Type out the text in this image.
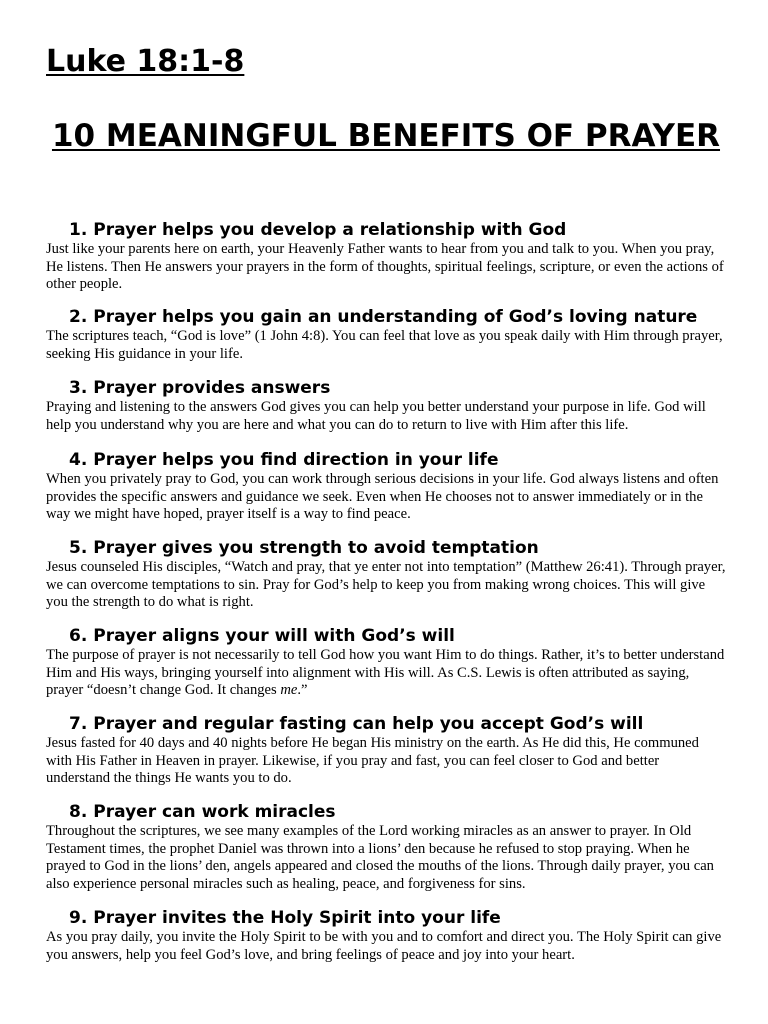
Luke 18:1-8
10 MEANINGFUL BENEFITS OF PRAYER
1. Prayer helps you develop a relationship with God

Just like your parents here on earth, your Heavenly Father wants to hear from you and talk to you. When you pray, He listens. Then He answers your prayers in the form of thoughts, spiritual feelings, scripture, or even the actions of other people.

2. Prayer helps you gain an understanding of God’s loving nature

The scriptures teach, “God is love” (1 John 4:8). You can feel that love as you speak daily with Him through prayer, seeking His guidance in your life.

3. Prayer provides answers

Praying and listening to the answers God gives you can help you better understand your purpose in life. God will help you understand why you are here and what you can do to return to live with Him after this life.

4. Prayer helps you find direction in your life

When you privately pray to God, you can work through serious decisions in your life. God always listens and often provides the specific answers and guidance we seek. Even when He chooses not to answer immediately or in the way we might have hoped, prayer itself is a way to find peace.

5. Prayer gives you strength to avoid temptation

Jesus counseled His disciples, “Watch and pray, that ye enter not into temptation” (Matthew 26:41). Through prayer, we can overcome temptations to sin. Pray for God’s help to keep you from making wrong choices. This will give you the strength to do what is right.

6. Prayer aligns your will with God’s will

The purpose of prayer is not necessarily to tell God how you want Him to do things. Rather, it’s to better understand Him and His ways, bringing yourself into alignment with His will. As C.S. Lewis is often attributed as saying, prayer “doesn’t change God. It changes me.”

7. Prayer and regular fasting can help you accept God’s will

Jesus fasted for 40 days and 40 nights before He began His ministry on the earth. As He did this, He communed with His Father in Heaven in prayer. Likewise, if you pray and fast, you can feel closer to God and better understand the things He wants you to do.

8. Prayer can work miracles

Throughout the scriptures, we see many examples of the Lord working miracles as an answer to prayer. In Old Testament times, the prophet Daniel was thrown into a lions’ den because he refused to stop praying. When he prayed to God in the lions’ den, angels appeared and closed the mouths of the lions. Through daily prayer, you can also experience personal miracles such as healing, peace, and forgiveness for sins.

9. Prayer invites the Holy Spirit into your life

As you pray daily, you invite the Holy Spirit to be with you and to comfort and direct you. The Holy Spirit can give you answers, help you feel God’s love, and bring feelings of peace and joy into your heart.
